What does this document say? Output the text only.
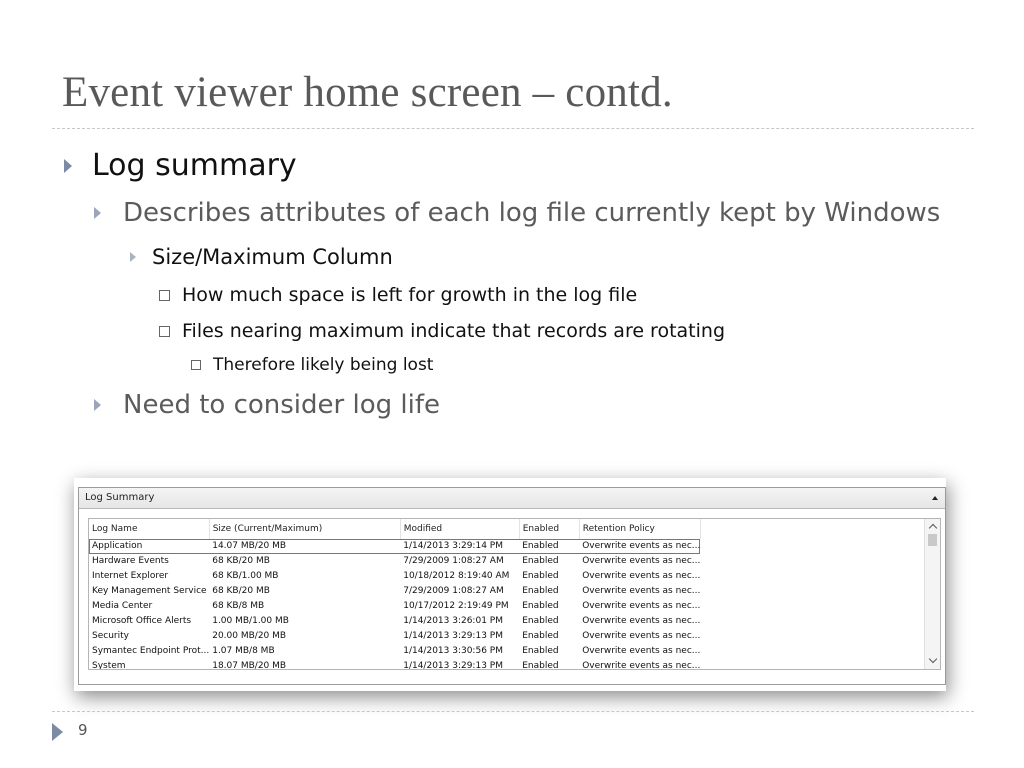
Event viewer home screen – contd.
Log summary
Describes attributes of each log file currently kept by Windows
Size/Maximum Column
How much space is left for growth in the log file
Files nearing maximum indicate that records are rotating
Therefore likely being lost
Need to consider log life
Log Summary
Log Name	Size (Current/Maximum)	Modified	Enabled	Retention Policy
Application	14.07 MB/20 MB	1/14/2013 3:29:14 PM	Enabled	Overwrite events as nec...
Hardware Events	68 KB/20 MB	7/29/2009 1:08:27 AM	Enabled	Overwrite events as nec...
Internet Explorer	68 KB/1.00 MB	10/18/2012 8:19:40 AM	Enabled	Overwrite events as nec...
Key Management Service	68 KB/20 MB	7/29/2009 1:08:27 AM	Enabled	Overwrite events as nec...
Media Center	68 KB/8 MB	10/17/2012 2:19:49 PM	Enabled	Overwrite events as nec...
Microsoft Office Alerts	1.00 MB/1.00 MB	1/14/2013 3:26:01 PM	Enabled	Overwrite events as nec...
Security	20.00 MB/20 MB	1/14/2013 3:29:13 PM	Enabled	Overwrite events as nec...
Symantec Endpoint Prot...	1.07 MB/8 MB	1/14/2013 3:30:56 PM	Enabled	Overwrite events as nec...
System	18.07 MB/20 MB	1/14/2013 3:29:13 PM	Enabled	Overwrite events as nec...
9
